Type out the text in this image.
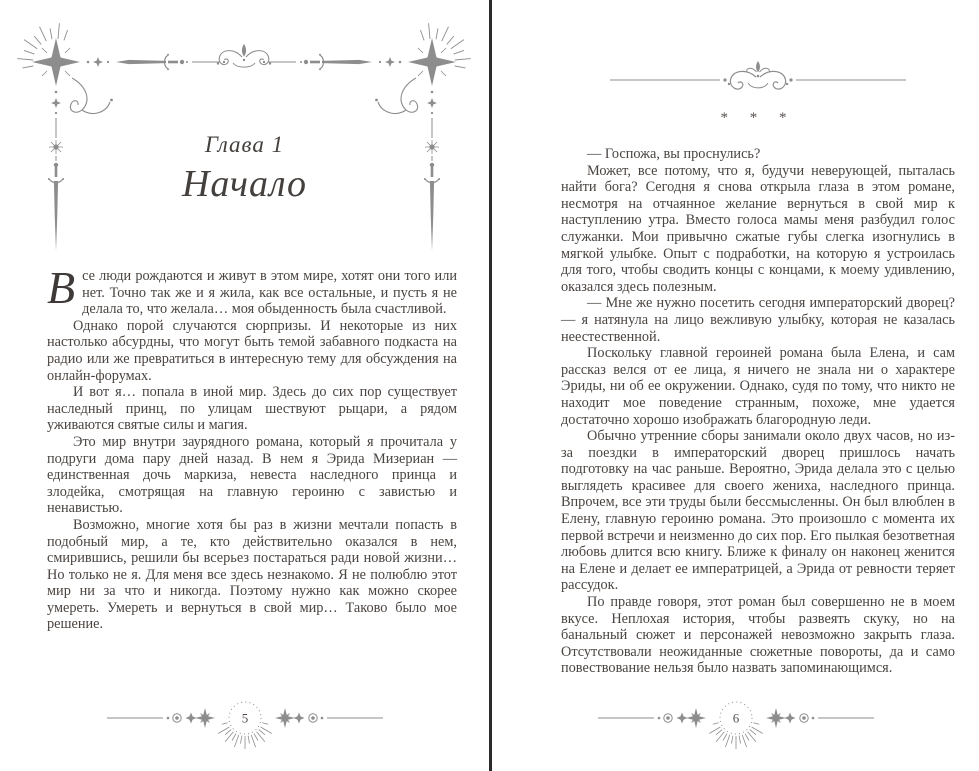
Глава 1
Начало

Все люди рождаются и живут в этом мире, хотят они того или нет. Точно так же и я жила, как все остальные, и пусть я не делала то, что желала… моя обыденность была счастливой.

Однако порой случаются сюрпризы. И некоторые из них настолько абсурдны, что могут быть темой забавного подкаста на радио или же превратиться в интересную тему для обсуждения на онлайн-форумах.

И вот я… попала в иной мир. Здесь до сих пор существует наследный принц, по улицам шествуют рыцари, а рядом уживаются святые силы и магия.

Это мир внутри заурядного романа, который я прочитала у подруги дома пару дней назад. В нем я Эрида Мизериан — единственная дочь маркиза, невеста наследного принца и злодейка, смотрящая на главную героиню с завистью и ненавистью.

Возможно, многие хотя бы раз в жизни мечтали попасть в подобный мир, а те, кто действительно оказался в нем, смирившись, решили бы всерьез постараться ради новой жизни… Но только не я. Для меня все здесь незнакомо. Я не полюблю этот мир ни за что и никогда. Поэтому нужно как можно скорее умереть. Умереть и вернуться в свой мир… Таково было мое решение.

5
* * *

— Госпожа, вы проснулись?

Может, все потому, что я, будучи неверующей, пыталась найти бога? Сегодня я снова открыла глаза в этом романе, несмотря на отчаянное желание вернуться в свой мир к наступлению утра. Вместо голоса мамы меня разбудил голос служанки. Мои привычно сжатые губы слегка изогнулись в мягкой улыбке. Опыт с подработки, на которую я устроилась для того, чтобы сводить концы с концами, к моему удивлению, оказался здесь полезным.

— Мне же нужно посетить сегодня императорский дворец? — я натянула на лицо вежливую улыбку, которая не казалась неестественной.

Поскольку главной героиней романа была Елена, и сам рассказ велся от ее лица, я ничего не знала ни о характере Эриды, ни об ее окружении. Однако, судя по тому, что никто не находит мое поведение странным, похоже, мне удается достаточно хорошо изображать благородную леди.

Обычно утренние сборы занимали около двух часов, но из-за поездки в императорский дворец пришлось начать подготовку на час раньше. Вероятно, Эрида делала это с целью выглядеть красивее для своего жениха, наследного принца. Впрочем, все эти труды были бессмысленны. Он был влюблен в Елену, главную героиню романа. Это произошло с момента их первой встречи и неизменно до сих пор. Его пылкая безответная любовь длится всю книгу. Ближе к финалу он наконец женится на Елене и делает ее императрицей, а Эрида от ревности теряет рассудок.

По правде говоря, этот роман был совершенно не в моем вкусе. Неплохая история, чтобы развеять скуку, но на банальный сюжет и персонажей невозможно закрыть глаза. Отсутствовали неожиданные сюжетные повороты, да и само повествование нельзя было назвать запоминающимся.

6
